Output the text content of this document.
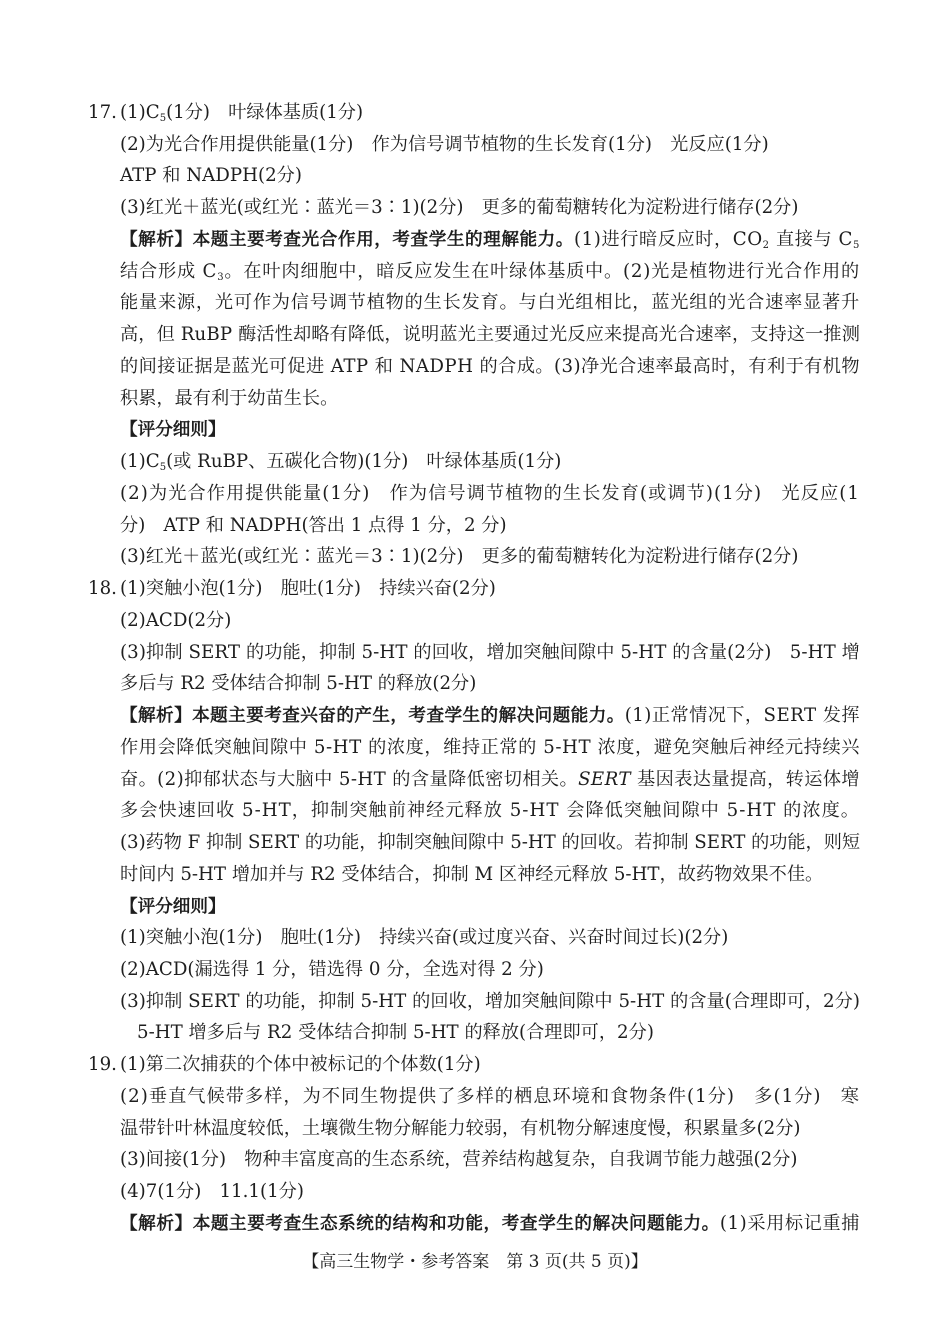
17. $(1)C_5(1$分)　叶绿体基质(1分)
(2)为光合作用提供能量(1分)　作为信号调节植物的生长发育(1分)　光反应(1分)
ATP 和 NADPH(2分)
(3)红光＋蓝光(或红光∶蓝光＝3∶1)(2分)　更多的葡萄糖转化为淀粉进行储存(2分)
【解析】本题主要考查光合作用，考查学生的理解能力。(1)进行暗反应时，$CO_2$ 直接与 $C_5$
结合形成 $C_3$。在叶肉细胞中，暗反应发生在叶绿体基质中。(2)光是植物进行光合作用的
能量来源，光可作为信号调节植物的生长发育。与白光组相比，蓝光组的光合速率显著升
高，但 RuBP 酶活性却略有降低，说明蓝光主要通过光反应来提高光合速率，支持这一推测
的间接证据是蓝光可促进 ATP 和 NADPH 的合成。(3)净光合速率最高时，有利于有机物
积累，最有利于幼苗生长。
【评分细则】
$(1)C_5$(或 RuBP、五碳化合物)(1分)　叶绿体基质(1分)
(2)为光合作用提供能量(1分)　作为信号调节植物的生长发育(或调节)(1分)　光反应(1
分)　ATP 和 NADPH(答出 1 点得 1 分，2 分)
(3)红光＋蓝光(或红光∶蓝光＝3∶1)(2分)　更多的葡萄糖转化为淀粉进行储存(2分)
18. (1)突触小泡(1分)　胞吐(1分)　持续兴奋(2分)
(2)ACD(2分)
(3)抑制 SERT 的功能，抑制 5-HT 的回收，增加突触间隙中 5-HT 的含量(2分)　5-HT 增
多后与 R2 受体结合抑制 5-HT 的释放(2分)
【解析】本题主要考查兴奋的产生，考查学生的解决问题能力。(1)正常情况下，SERT 发挥
作用会降低突触间隙中 5-HT 的浓度，维持正常的 5-HT 浓度，避免突触后神经元持续兴
奋。(2)抑郁状态与大脑中 5-HT 的含量降低密切相关。SERT 基因表达量提高，转运体增
多会快速回收 5-HT，抑制突触前神经元释放 5-HT 会降低突触间隙中 5-HT 的浓度。
(3)药物 F 抑制 SERT 的功能，抑制突触间隙中 5-HT 的回收。若抑制 SERT 的功能，则短
时间内 5-HT 增加并与 R2 受体结合，抑制 M 区神经元释放 5-HT，故药物效果不佳。
【评分细则】
(1)突触小泡(1分)　胞吐(1分)　持续兴奋(或过度兴奋、兴奋时间过长)(2分)
(2)ACD(漏选得 1 分，错选得 0 分，全选对得 2 分)
(3)抑制 SERT 的功能，抑制 5-HT 的回收，增加突触间隙中 5-HT 的含量(合理即可，2分)
5-HT 增多后与 R2 受体结合抑制 5-HT 的释放(合理即可，2分)
19. (1)第二次捕获的个体中被标记的个体数(1分)
(2)垂直气候带多样，为不同生物提供了多样的栖息环境和食物条件(1分)　多(1分)　寒
温带针叶林温度较低，土壤微生物分解能力较弱，有机物分解速度慢，积累量多(2分)
(3)间接(1分)　物种丰富度高的生态系统，营养结构越复杂，自我调节能力越强(2分)
(4)7(1分)　11.1(1分)
【解析】本题主要考查生态系统的结构和功能，考查学生的解决问题能力。(1)采用标记重捕
【高三生物学・参考答案　第 3 页(共 5 页)】
